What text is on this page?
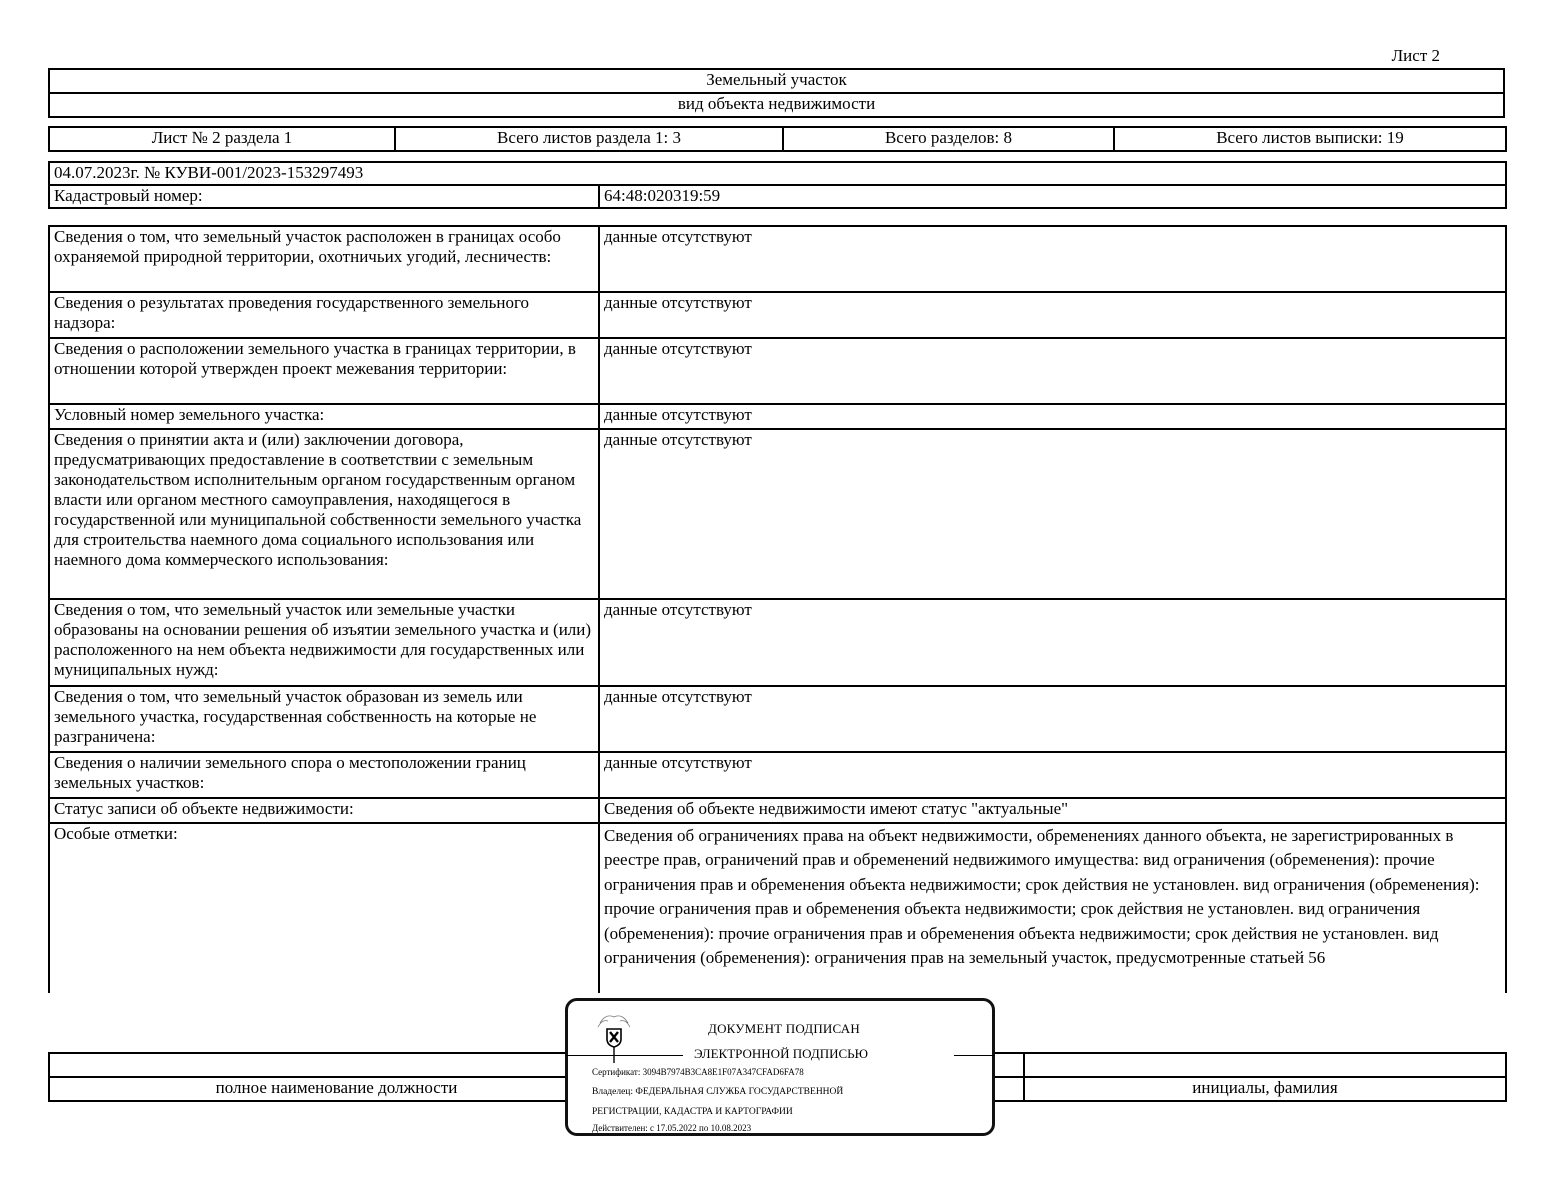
Лист 2
Земельный участок
вид объекта недвижимости
Лист № 2 раздела 1	Всего листов раздела 1: 3	Всего разделов: 8	Всего листов выписки: 19
04.07.2023г. № КУВИ-001/2023-153297493
Кадастровый номер:	64:48:020319:59
Сведения о том, что земельный участок расположен в границах особо охраняемой природной территории, охотничьих угодий, лесничеств:	данные отсутствуют
Сведения о результатах проведения государственного земельного надзора:	данные отсутствуют
Сведения о расположении земельного участка в границах территории, в отношении которой утвержден проект межевания территории:	данные отсутствуют
Условный номер земельного участка:	данные отсутствуют
Сведения о принятии акта и (или) заключении договора, предусматривающих предоставление в соответствии с земельным законодательством исполнительным органом государственным органом власти или органом местного самоуправления, находящегося в государственной или муниципальной собственности земельного участка для строительства наемного дома социального использования или наемного дома коммерческого использования:	данные отсутствуют
Сведения о том, что земельный участок или земельные участки образованы на основании решения об изъятии земельного участка и (или) расположенного на нем объекта недвижимости для государственных или муниципальных нужд:	данные отсутствуют
Сведения о том, что земельный участок образован из земель или земельного участка, государственная собственность на которые не разграничена:	данные отсутствуют
Сведения о наличии земельного спора о местоположении границ земельных участков:	данные отсутствуют
Статус записи об объекте недвижимости:	Сведения об объекте недвижимости имеют статус "актуальные"
Особые отметки:	Сведения об ограничениях права на объект недвижимости, обременениях данного объекта, не зарегистрированных в реестре прав, ограничений прав и обременений недвижимого имущества: вид ограничения (обременения): прочие ограничения прав и обременения объекта недвижимости; срок действия не установлен. вид ограничения (обременения): прочие ограничения прав и обременения объекта недвижимости; срок действия не установлен. вид ограничения (обременения): прочие ограничения прав и обременения объекта недвижимости; срок действия не установлен. вид ограничения (обременения): ограничения прав на земельный участок, предусмотренные статьей 56

полное наименование должности		инициалы, фамилия
ДОКУМЕНТ ПОДПИСАН
ЭЛЕКТРОННОЙ ПОДПИСЬЮ
Сертификат: 3094B7974B3CA8E1F07A347CFAD6FA78
Владелец: ФЕДЕРАЛЬНАЯ СЛУЖБА ГОСУДАРСТВЕННОЙ
РЕГИСТРАЦИИ, КАДАСТРА И КАРТОГРАФИИ
Действителен: с 17.05.2022 по 10.08.2023
